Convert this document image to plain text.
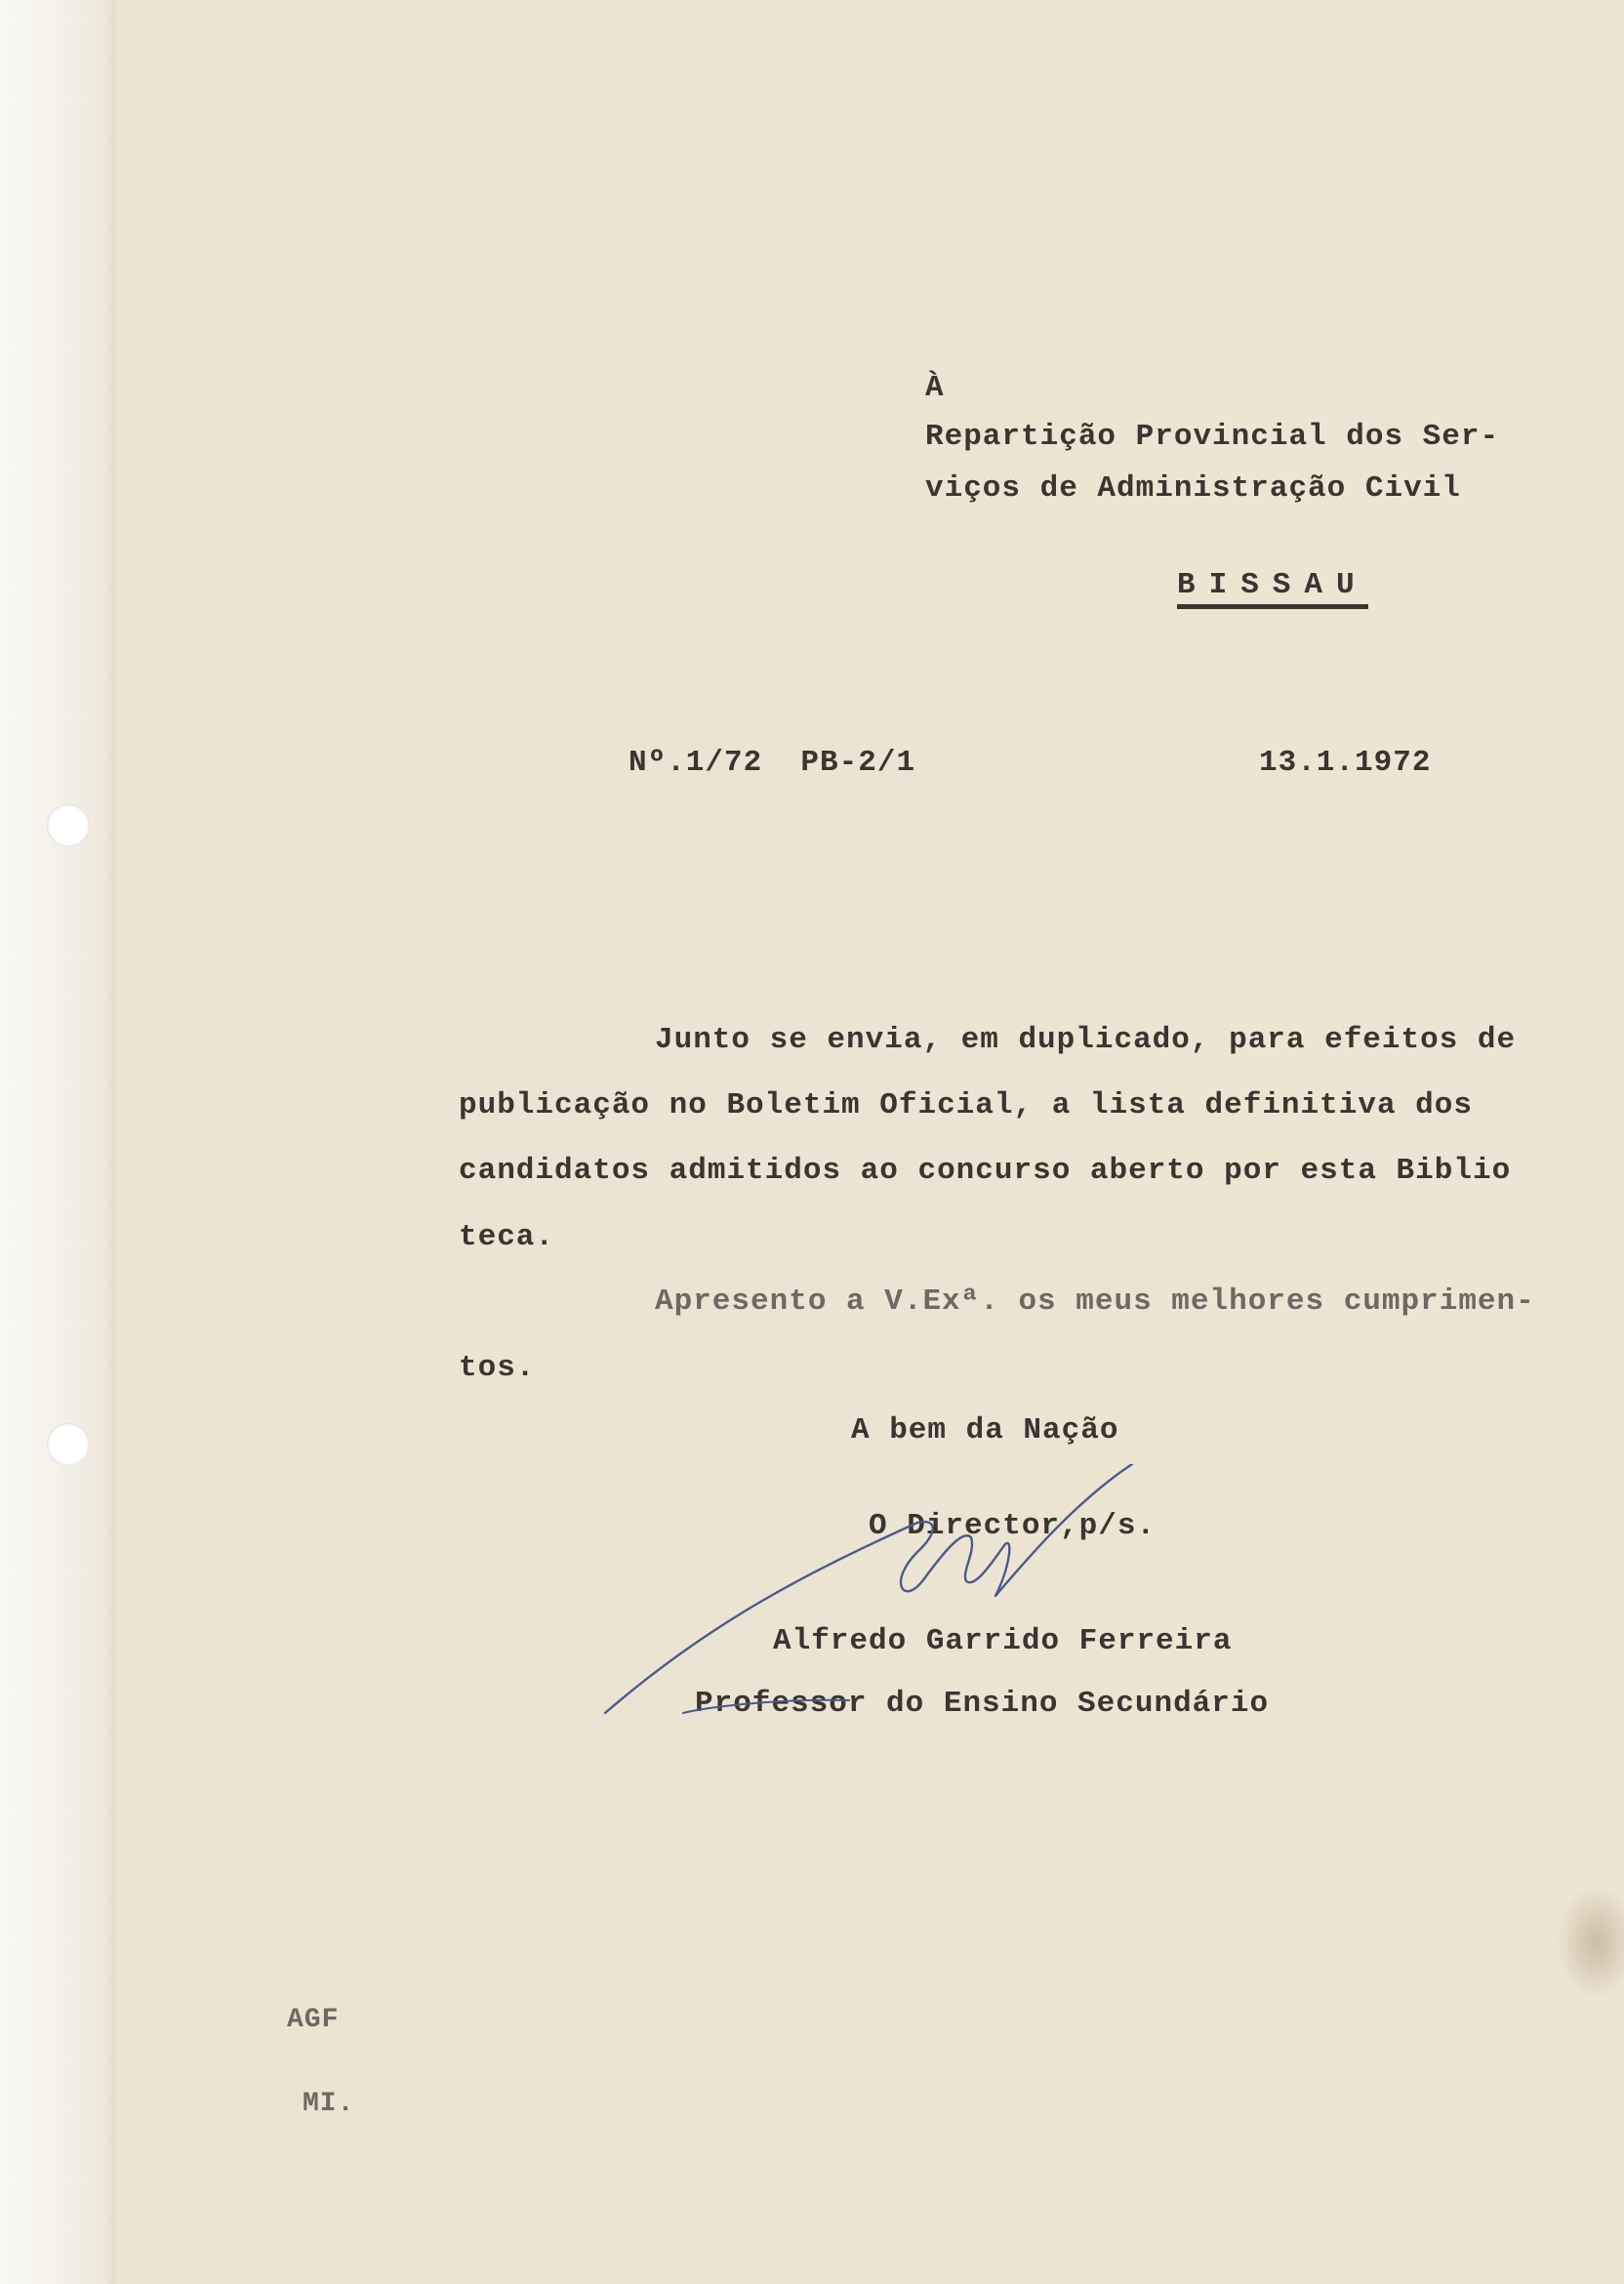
À
Repartição Provincial dos Ser-
viços de Administração Civil
BISSAU
Nº.1/72  PB-2/1	13.1.1972
Junto se envia, em duplicado, para efeitos de
publicação no Boletim Oficial, a lista definitiva dos
candidatos admitidos ao concurso aberto por esta Biblio
teca.
Apresento a V.Exª. os meus melhores cumprimen-
tos.
A bem da Nação
O Director,p/s.
Alfredo Garrido Ferreira
Professor do Ensino Secundário
AGF
MI.
